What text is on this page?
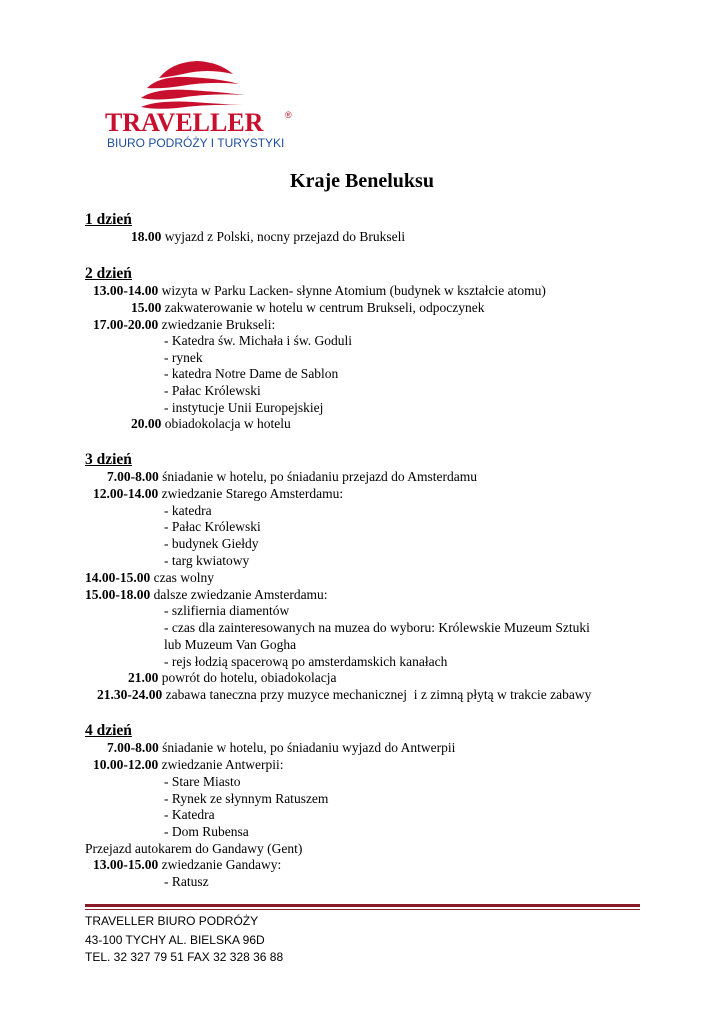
TRAVELLER ®
BIURO PODRÓŻY I TURYSTYKI
Kraje Beneluksu
1 dzień
18.00 wyjazd z Polski, nocny przejazd do Brukseli
2 dzień
13.00-14.00 wizyta w Parku Lacken- słynne Atomium (budynek w kształcie atomu)
15.00 zakwaterowanie w hotelu w centrum Brukseli, odpoczynek
17.00-20.00 zwiedzanie Brukseli:
- Katedra św. Michała i św. Goduli
- rynek
- katedra Notre Dame de Sablon
- Pałac Królewski
- instytucje Unii Europejskiej
20.00 obiadokolacja w hotelu
3 dzień
7.00-8.00 śniadanie w hotelu, po śniadaniu przejazd do Amsterdamu
12.00-14.00 zwiedzanie Starego Amsterdamu:
- katedra
- Pałac Królewski
- budynek Giełdy
- targ kwiatowy
14.00-15.00 czas wolny
15.00-18.00 dalsze zwiedzanie Amsterdamu:
- szlifiernia diamentów
- czas dla zainteresowanych na muzea do wyboru: Królewskie Muzeum Sztuki
lub Muzeum Van Gogha
- rejs łodzią spacerową po amsterdamskich kanałach
21.00 powrót do hotelu, obiadokolacja
21.30-24.00 zabawa taneczna przy muzyce mechanicznej  i z zimną płytą w trakcie zabawy
4 dzień
7.00-8.00 śniadanie w hotelu, po śniadaniu wyjazd do Antwerpii
10.00-12.00 zwiedzanie Antwerpii:
- Stare Miasto
- Rynek ze słynnym Ratuszem
- Katedra
- Dom Rubensa
Przejazd autokarem do Gandawy (Gent)
13.00-15.00 zwiedzanie Gandawy:
- Ratusz
TRAVELLER BIURO PODRÓŻY
43-100 TYCHY AL. BIELSKA 96D
TEL. 32 327 79 51 FAX 32 328 36 88
